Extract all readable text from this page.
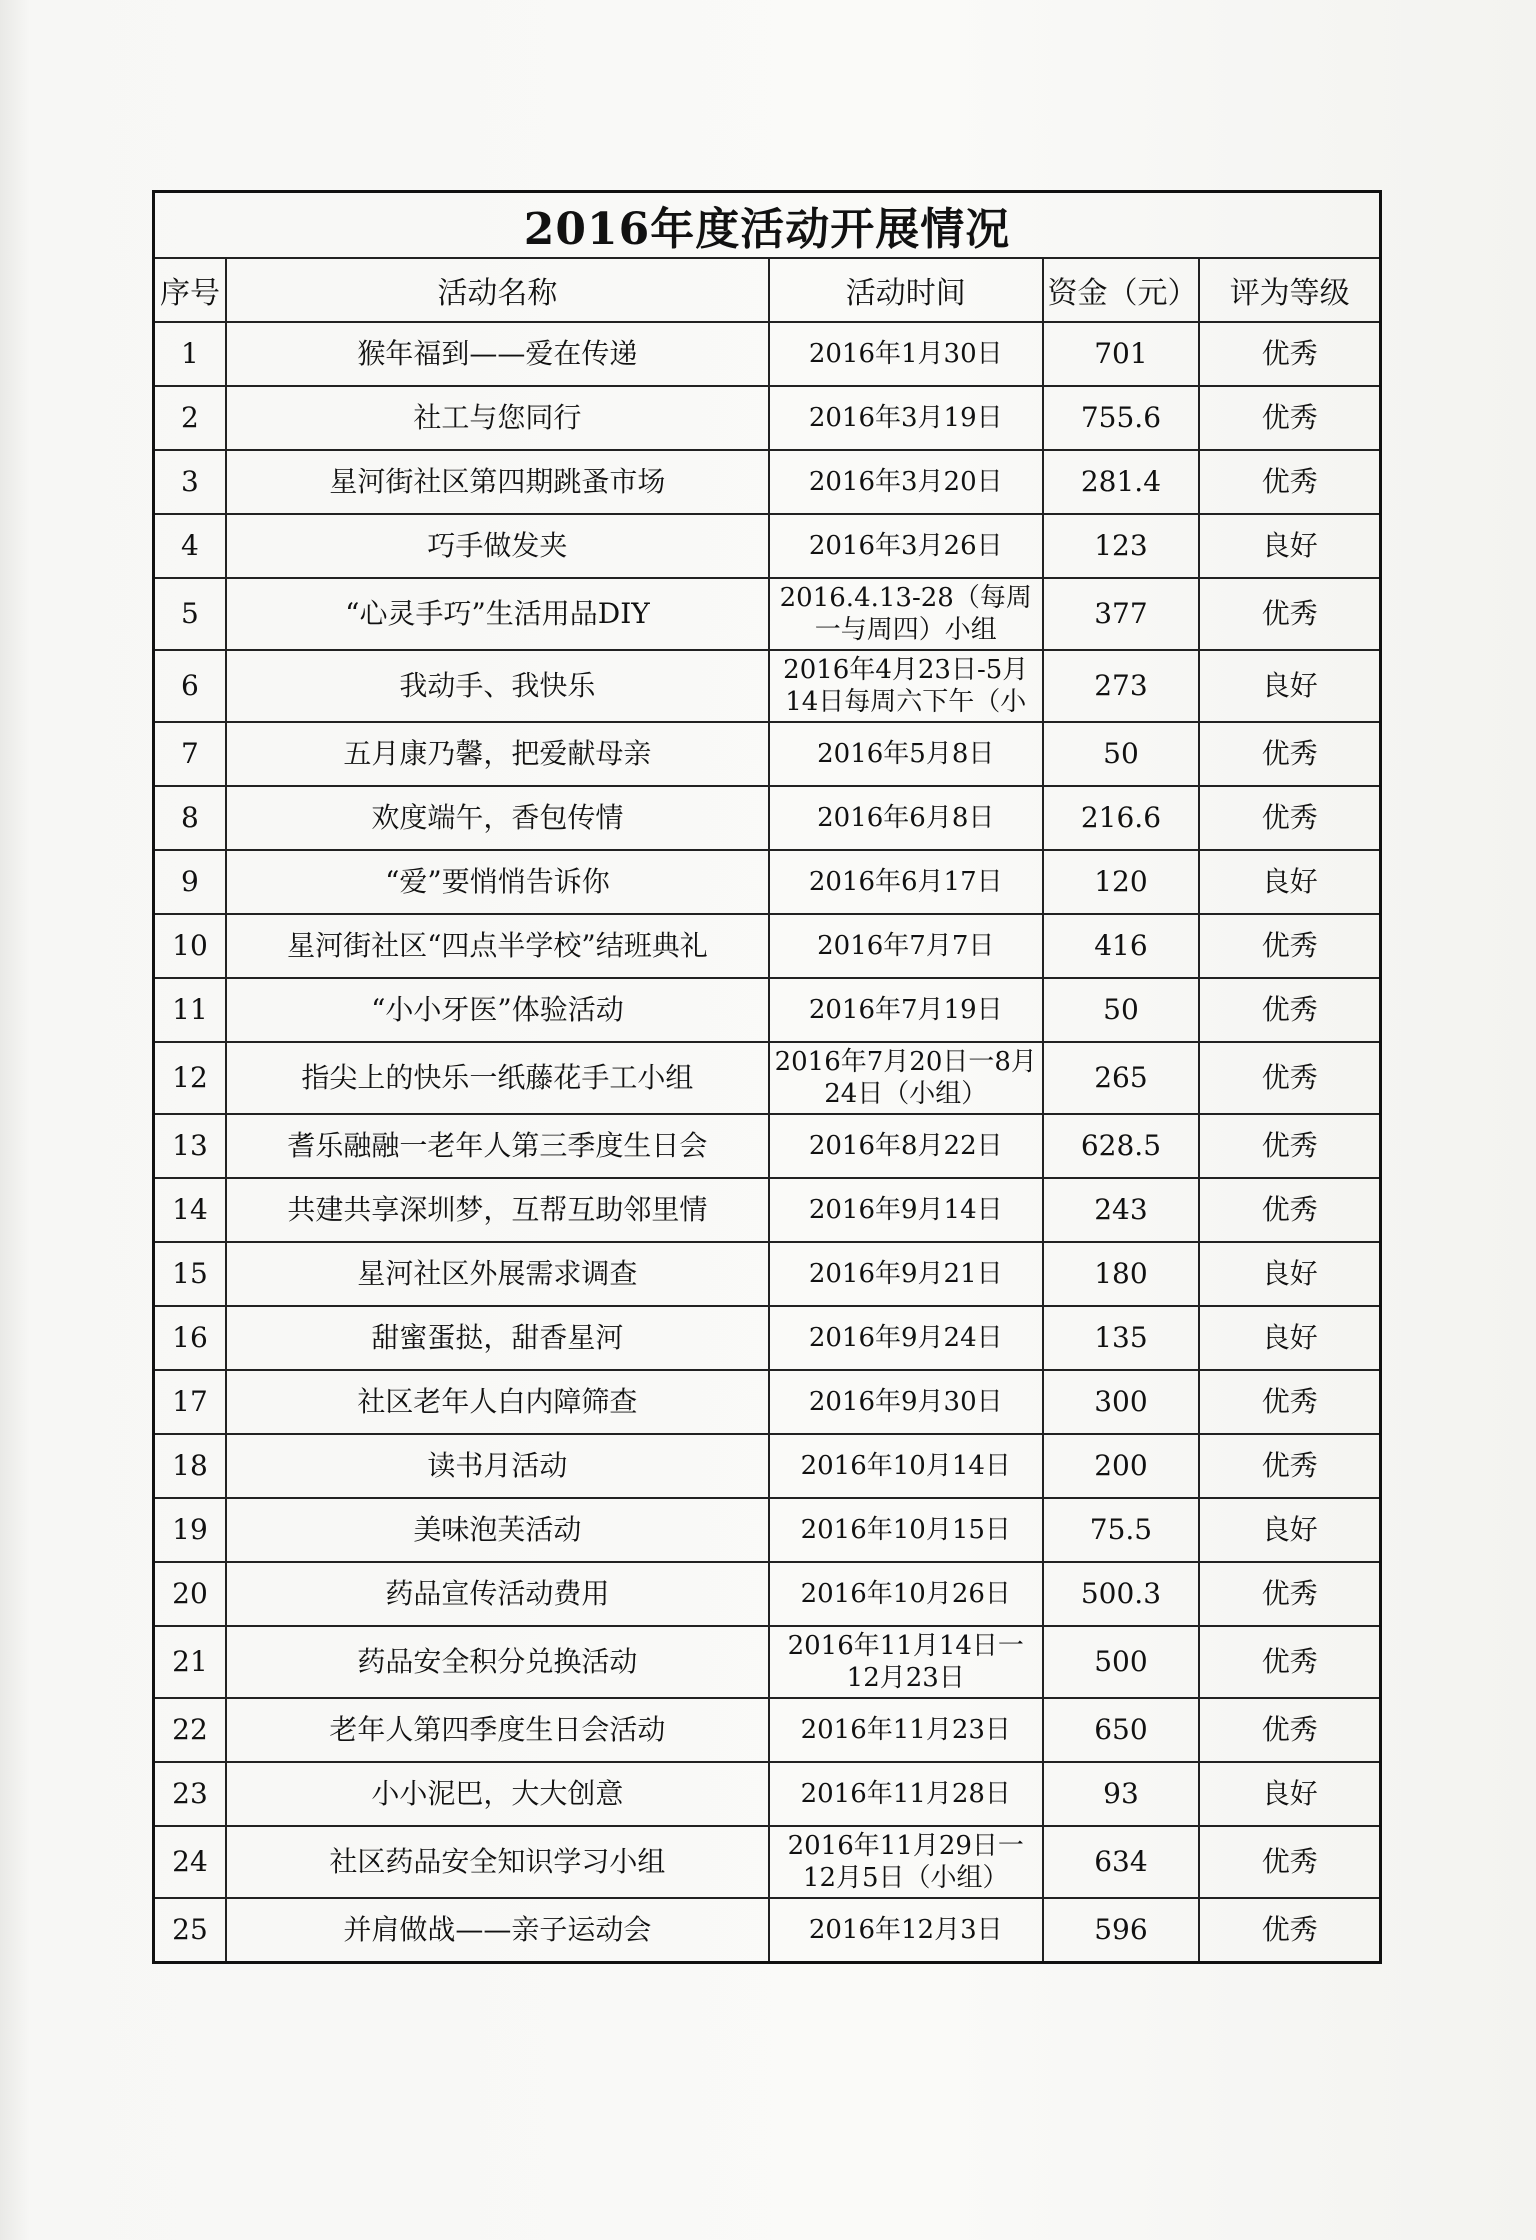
2016年度活动开展情况				
序号	活动名称	活动时间	资金（元）	评为等级
1	猴年福到——爱在传递	2016年1月30日	701	优秀
2	社工与您同行	2016年3月19日	755.6	优秀
3	星河街社区第四期跳蚤市场	2016年3月20日	281.4	优秀
4	巧手做发夹	2016年3月26日	123	良好
5	“心灵手巧”生活用品DIY	2016.4.13-28（每周一与周四）小组	377	优秀
6	我动手、我快乐	2016年4月23日-5月14日每周六下午（小	273	良好
7	五月康乃馨，把爱献母亲	2016年5月8日	50	优秀
8	欢度端午，香包传情	2016年6月8日	216.6	优秀
9	“爱”要悄悄告诉你	2016年6月17日	120	良好
10	星河街社区“四点半学校”结班典礼	2016年7月7日	416	优秀
11	“小小牙医”体验活动	2016年7月19日	50	优秀
12	指尖上的快乐一纸藤花手工小组	2016年7月20日一8月24日（小组）	265	优秀
13	耆乐融融一老年人第三季度生日会	2016年8月22日	628.5	优秀
14	共建共享深圳梦，互帮互助邻里情	2016年9月14日	243	优秀
15	星河社区外展需求调查	2016年9月21日	180	良好
16	甜蜜蛋挞，甜香星河	2016年9月24日	135	良好
17	社区老年人白内障筛查	2016年9月30日	300	优秀
18	读书月活动	2016年10月14日	200	优秀
19	美味泡芙活动	2016年10月15日	75.5	良好
20	药品宣传活动费用	2016年10月26日	500.3	优秀
21	药品安全积分兑换活动	2016年11月14日一12月23日	500	优秀
22	老年人第四季度生日会活动	2016年11月23日	650	优秀
23	小小泥巴，大大创意	2016年11月28日	93	良好
24	社区药品安全知识学习小组	2016年11月29日一12月5日（小组）	634	优秀
25	并肩做战——亲子运动会	2016年12月3日	596	优秀
